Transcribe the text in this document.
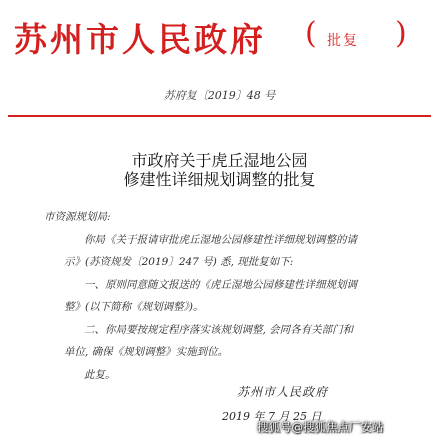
苏州市人民政府 ( 批复 )
苏府复〔2019〕48 号
市政府关于虎丘湿地公园
修建性详细规划调整的批复

市资源规划局:

你局《关于报请审批虎丘湿地公园修建性详细规划调整的请

示》(苏资规发〔2019〕247 号) 悉, 现批复如下:

一、原则同意随文报送的《虎丘湿地公园修建性详细规划调

整》(以下简称《规划调整》)。

二、你局要按规定程序落实该规划调整, 会同各有关部门和

单位, 确保《规划调整》实施到位。

此复。

苏州市人民政府
2019 年 7 月 25 日
搜狐号@搜狐焦点厂安站
